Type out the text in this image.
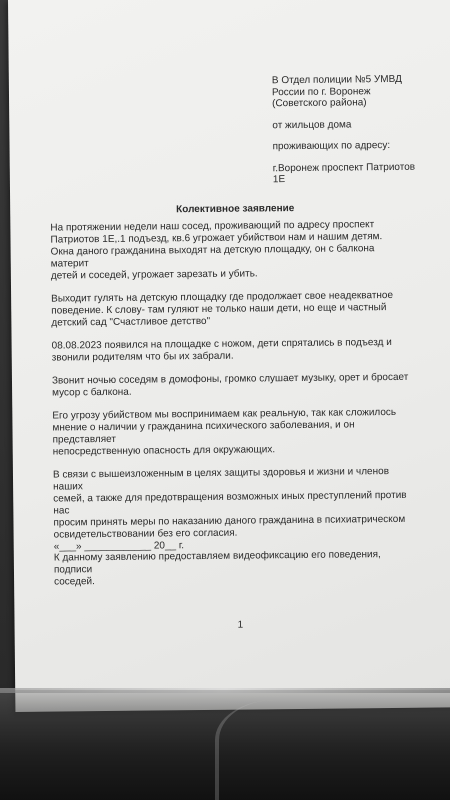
В Отдел полиции №5 УМВД

России по г. Воронеж

(Советского района)

от жильцов дома

проживающих по адресу:

г.Воронеж проспект Патриотов

1Е

Колективное заявление

На протяжении недели наш сосед, проживающий по адресу проспект
Патриотов 1Е,.1 подъезд, кв.6 угрожает убийствои нам и нашим детям.
Окна даного гражданина выходят на детскую площадку, он с балкона материт
детей и соседей, угрожает зарезать и убить.

Выходит гулять на детскую площадку где продолжает свое неадекватное
поведение. К слову- там гуляют не только наши дети, но еще и частный
детский сад "Счастливое детство"

08.08.2023 появился на площадке с ножом, дети спрятались в подъезд и
звонили родителям что бы их забрали.

Звонит ночью соседям в домофоны, громко слушает музыку, орет и бросает
мусор с балкона.

Его угрозу убийством мы воспринимаем как реальную, так как сложилось
мнение о наличии у гражданина психического заболевания, и он представляет
непосредственную опасность для окружающих.

В связи с вышеизложенным в целях защиты здоровья и жизни и членов наших
семей, а также для предотвращения возможных иных преступлений против нас
просим принять меры по наказанию даного гражданина в психиатрическом
освидетельствовании без его согласия.

К данному заявлению предоставляем видеофиксацию его поведения, подписи
соседей.

«___» ____________ 20__ г.
1
